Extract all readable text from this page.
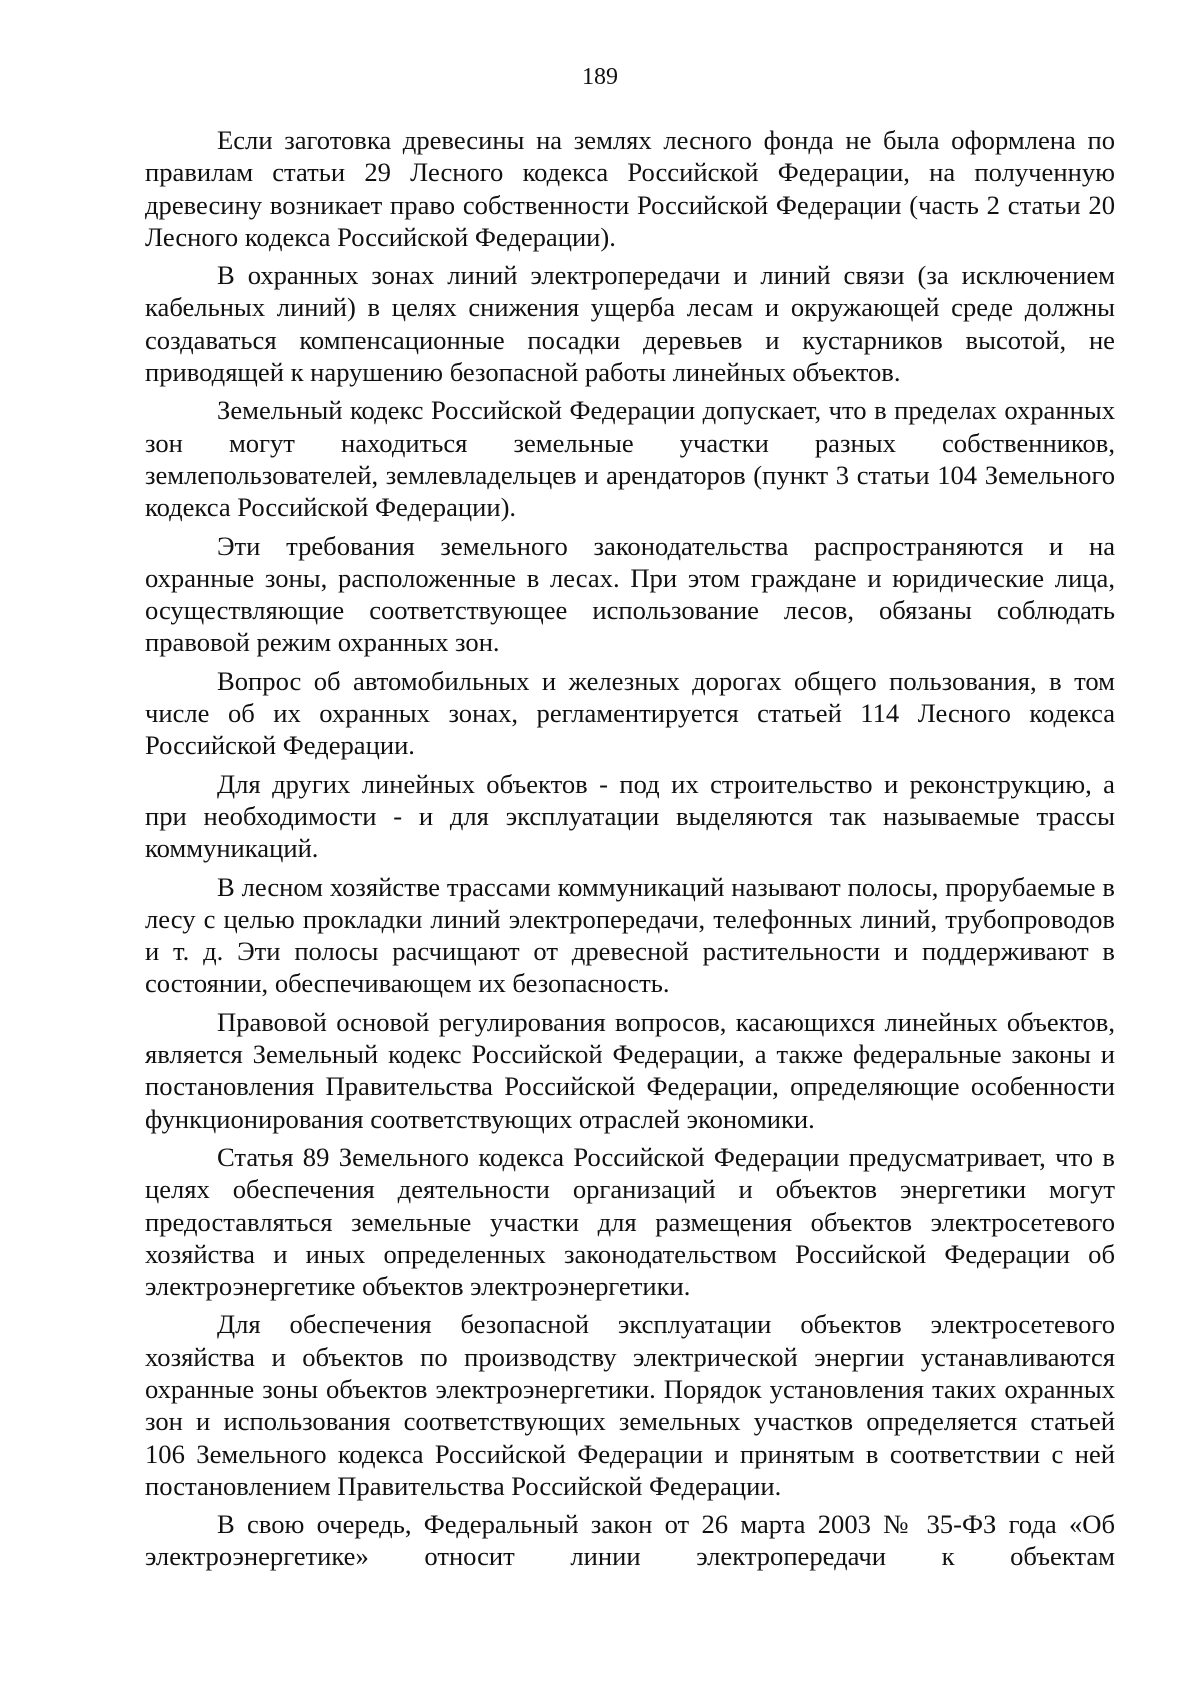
189

Если заготовка древесины на землях лесного фонда не была оформлена по правилам статьи 29 Лесного кодекса Российской Федерации, на полученную древесину возникает право собственности Российской Федерации (часть 2 статьи 20 Лесного кодекса Российской Федерации).

В охранных зонах линий электропередачи и линий связи (за исключением кабельных линий) в целях снижения ущерба лесам и окружающей среде должны создаваться компенсационные посадки деревьев и кустарников высотой, не приводящей к нарушению безопасной работы линейных объектов.

Земельный кодекс Российской Федерации допускает, что в пределах охранных зон могут находиться земельные участки разных собственников, землепользователей, землевладельцев и арендаторов (пункт 3 статьи 104 Земельного кодекса Российской Федерации).

Эти требования земельного законодательства распространяются и на охранные зоны, расположенные в лесах. При этом граждане и юридические лица, осуществляющие соответствующее использование лесов, обязаны соблюдать правовой режим охранных зон.

Вопрос об автомобильных и железных дорогах общего пользования, в том числе об их охранных зонах, регламентируется статьей 114 Лесного кодекса Российской Федерации.

Для других линейных объектов - под их строительство и реконструкцию, а при необходимости - и для эксплуатации выделяются так называемые трассы коммуникаций.

В лесном хозяйстве трассами коммуникаций называют полосы, прорубаемые в лесу с целью прокладки линий электропередачи, телефонных линий, трубопроводов и т. д. Эти полосы расчищают от древесной растительности и поддерживают в состоянии, обеспечивающем их безопасность.

Правовой основой регулирования вопросов, касающихся линейных объектов, является Земельный кодекс Российской Федерации, а также федеральные законы и постановления Правительства Российской Федерации, определяющие особенности функционирования соответствующих отраслей экономики.

Статья 89 Земельного кодекса Российской Федерации предусматривает, что в целях обеспечения деятельности организаций и объектов энергетики могут предоставляться земельные участки для размещения объектов электросетевого хозяйства и иных определенных законодательством Российской Федерации об электроэнергетике объектов электроэнергетики.

Для обеспечения безопасной эксплуатации объектов электросетевого хозяйства и объектов по производству электрической энергии устанавливаются охранные зоны объектов электроэнергетики. Порядок установления таких охранных зон и использования соответствующих земельных участков определяется статьей 106 Земельного кодекса Российской Федерации и принятым в соответствии с ней постановлением Правительства Российской Федерации.

В свою очередь, Федеральный закон от 26 марта 2003 № 35-ФЗ года «Об электроэнергетике» относит линии электропередачи к объектам
